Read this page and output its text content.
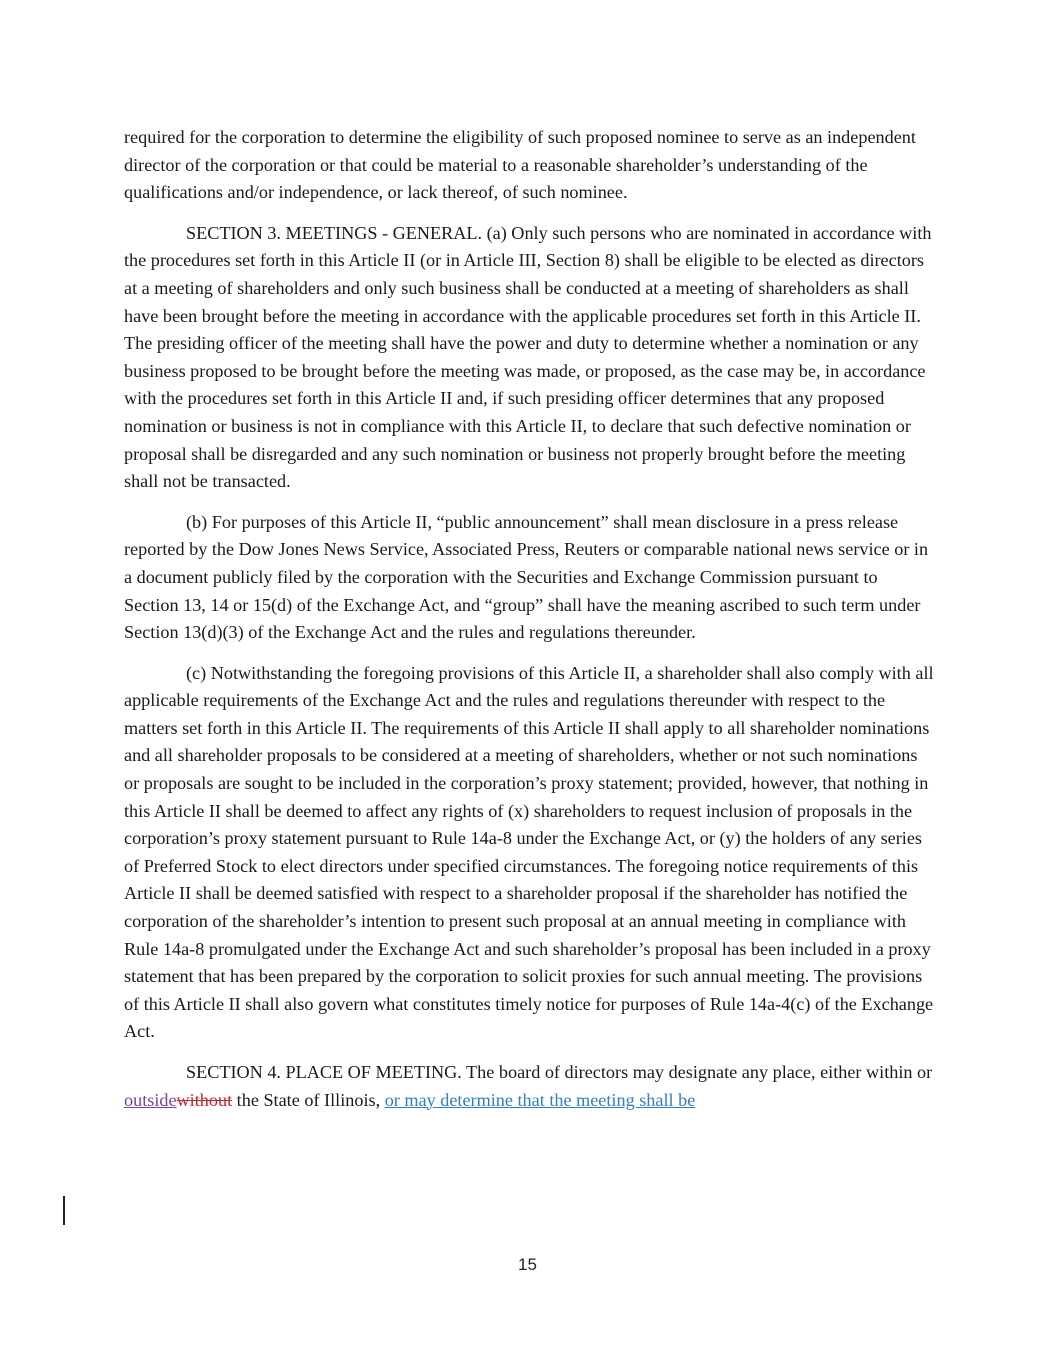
required for the corporation to determine the eligibility of such proposed nominee to serve as an independent director of the corporation or that could be material to a reasonable shareholder’s understanding of the qualifications and/or independence, or lack thereof, of such nominee.

SECTION 3. MEETINGS - GENERAL. (a) Only such persons who are nominated in accordance with the procedures set forth in this Article II (or in Article III, Section 8) shall be eligible to be elected as directors at a meeting of shareholders and only such business shall be conducted at a meeting of shareholders as shall have been brought before the meeting in accordance with the applicable procedures set forth in this Article II. The presiding officer of the meeting shall have the power and duty to determine whether a nomination or any business proposed to be brought before the meeting was made, or proposed, as the case may be, in accordance with the procedures set forth in this Article II and, if such presiding officer determines that any proposed nomination or business is not in compliance with this Article II, to declare that such defective nomination or proposal shall be disregarded and any such nomination or business not properly brought before the meeting shall not be transacted.

(b) For purposes of this Article II, “public announcement” shall mean disclosure in a press release reported by the Dow Jones News Service, Associated Press, Reuters or comparable national news service or in a document publicly filed by the corporation with the Securities and Exchange Commission pursuant to Section 13, 14 or 15(d) of the Exchange Act, and “group” shall have the meaning ascribed to such term under Section 13(d)(3) of the Exchange Act and the rules and regulations thereunder.

(c) Notwithstanding the foregoing provisions of this Article II, a shareholder shall also comply with all applicable requirements of the Exchange Act and the rules and regulations thereunder with respect to the matters set forth in this Article II. The requirements of this Article II shall apply to all shareholder nominations and all shareholder proposals to be considered at a meeting of shareholders, whether or not such nominations or proposals are sought to be included in the corporation’s proxy statement; provided, however, that nothing in this Article II shall be deemed to affect any rights of (x) shareholders to request inclusion of proposals in the corporation’s proxy statement pursuant to Rule 14a-8 under the Exchange Act, or (y) the holders of any series of Preferred Stock to elect directors under specified circumstances. The foregoing notice requirements of this Article II shall be deemed satisfied with respect to a shareholder proposal if the shareholder has notified the corporation of the shareholder’s intention to present such proposal at an annual meeting in compliance with Rule 14a-8 promulgated under the Exchange Act and such shareholder’s proposal has been included in a proxy statement that has been prepared by the corporation to solicit proxies for such annual meeting. The provisions of this Article II shall also govern what constitutes timely notice for purposes of Rule 14a-4(c) of the Exchange Act.

SECTION 4. PLACE OF MEETING. The board of directors may designate any place, either within or outsidewithout the State of Illinois, or may determine that the meeting shall be

15
